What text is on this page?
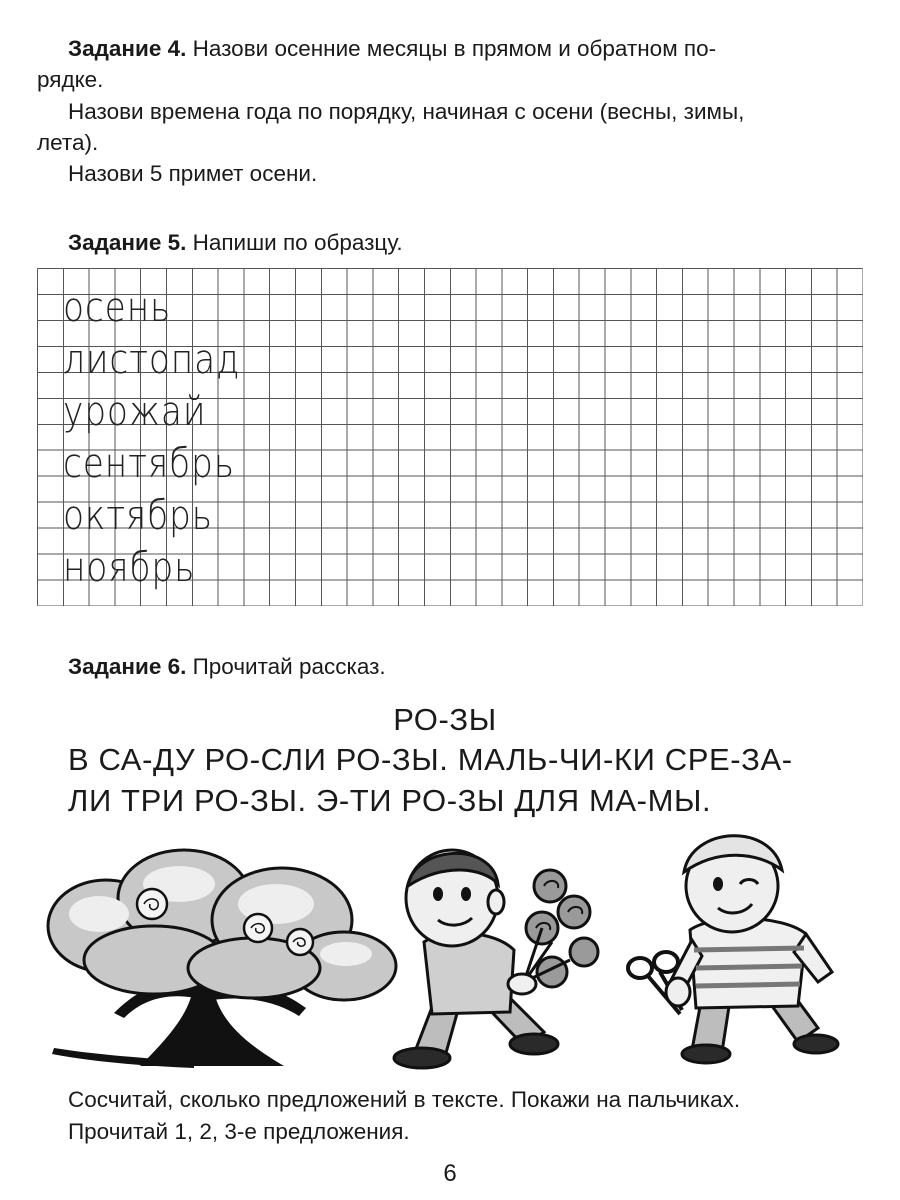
Задание 4. Назови осенние месяцы в прямом и обратном по-
рядке.
Назови времена года по порядку, начиная с осени (весны, зимы,
лета).
Назови 5 примет осени.
Задание 5. Напиши по образцу.
осень
листопад
урожай
сентябрь
октябрь
ноябрь
Задание 6. Прочитай рассказ.
РО-ЗЫ
В СА-ДУ РО-СЛИ РО-ЗЫ. МАЛЬ-ЧИ-КИ СРЕ-ЗА-
ЛИ ТРИ РО-ЗЫ. Э-ТИ РО-ЗЫ ДЛЯ МА-МЫ.
Сосчитай, сколько предложений в тексте. Покажи на пальчиках.
Прочитай 1, 2, 3-е предложения.
6
